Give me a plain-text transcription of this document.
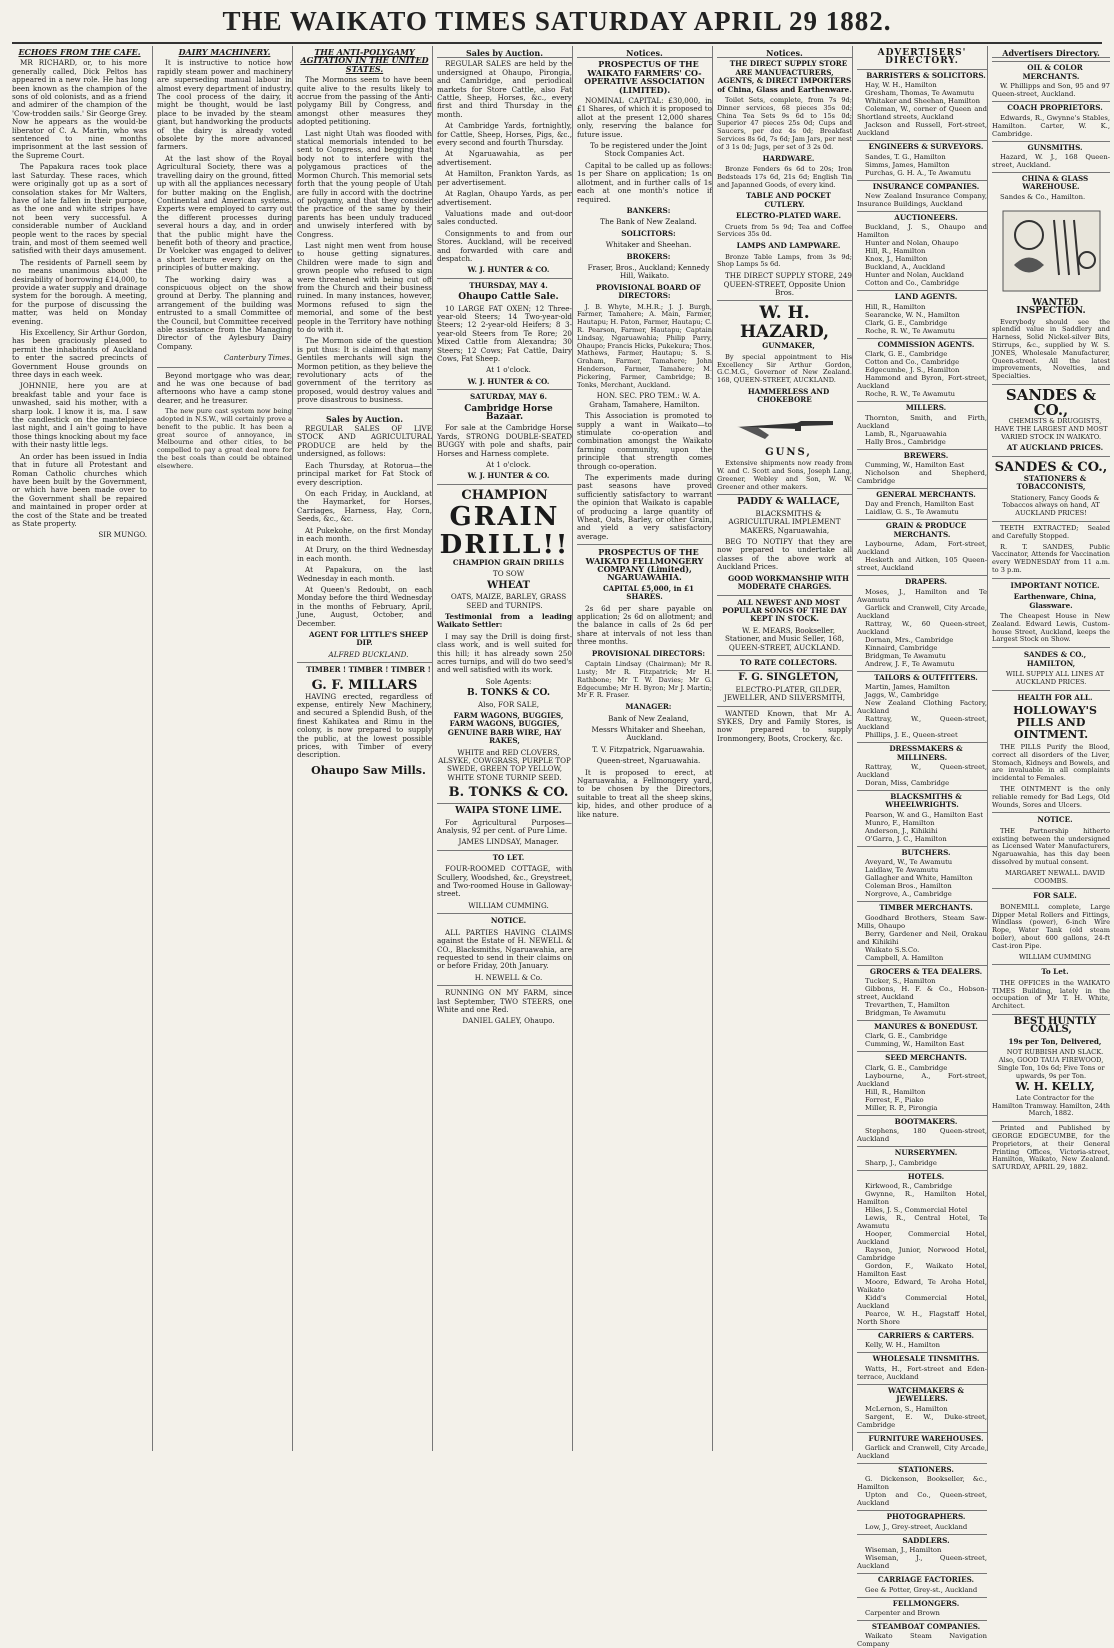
THE WAIKATO TIMES SATURDAY APRIL 29 1882.
ECHOES FROM THE CAFE.

MR RICHARD, or, to his more generally called, Dick Peltos has appeared in a new role. He has long been known as the champion of the sons of old colonists, and as a friend and admirer of the champion of the 'Cow-trodden sails.' Sir George Grey. Now he appears as the would-be liberator of C. A. Martin, who was sentenced to nine months imprisonment at the last session of the Supreme Court.

The Papakura races took place last Saturday. These races, which were originally got up as a sort of consolation stakes for Mr Walters, have of late fallen in their purpose, as the one and white stripes have not been very successful. A considerable number of Auckland people went to the races by special train, and most of them seemed well satisfied with their days amusement.

The residents of Parnell seem by no means unanimous about the desirability of borrowing £14,000, to provide a water supply and drainage system for the borough. A meeting, for the purpose of discussing the matter, was held on Monday evening.

His Excellency, Sir Arthur Gordon, has been graciously pleased to permit the inhabitants of Auckland to enter the sacred precincts of Government House grounds on three days in each week.

JOHNNIE, here you are at breakfast table and your face is unwashed, said his mother, with a sharp look. I know it is, ma. I saw the candlestick on the mantelpiece last night, and I ain't going to have those things knocking about my face with their nasty little legs.

An order has been issued in India that in future all Protestant and Roman Catholic churches which have been built by the Government, or which have been made over to the Government shall be repaired and maintained in proper order at the cost of the State and be treated as State property.

SIR MUNGO.

DAIRY MACHINERY.

It is instructive to notice how rapidly steam power and machinery are superseding manual labour in almost every department of industry. The cool process of the dairy, it might be thought, would be last place to be invaded by the steam giant, but handworking the products of the dairy is already voted obsolete by the more advanced farmers.

At the last show of the Royal Agricultural Society, there was a travelling dairy on the ground, fitted up with all the appliances necessary for butter making on the English, Continental and American systems. Experts were employed to carry out the different processes during several hours a day, and in order that the public might have the benefit both of theory and practice, Dr Voelcker was engaged to deliver a short lecture every day on the principles of butter making.

The working dairy was a conspicuous object on the show ground at Derby. The planning and arrangement of the building was entrusted to a small Committee of the Council, but Committee received able assistance from the Managing Director of the Aylesbury Dairy Company.

Canterbury Times.

Beyond mortgage who was dear, and he was one because of bad afternoons who have a camp stone dearer, and he treasurer.

The new pure cast system now being adopted in N.S.W., will certainly prove a benefit to the public. It has been a great source of annoyance, in Melbourne and other cities, to be compelled to pay a great deal more for the best coals than could be obtained elsewhere.

THE ANTI-POLYGAMY AGITATION IN THE UNITED STATES.

The Mormons seem to have been quite alive to the results likely to accrue from the passing of the Anti-polygamy Bill by Congress, and amongst other measures they adopted petitioning.

Last night Utah was flooded with statical memorials intended to be sent to Congress, and begging that body not to interfere with the polygamous practices of the Mormon Church. This memorial sets forth that the young people of Utah are fully in accord with the doctrine of polygamy, and that they consider the practice of the same by their parents has been unduly traduced and unwisely interfered with by Congress.

Last night men went from house to house getting signatures. Children were made to sign and grown people who refused to sign were threatened with being cut off from the Church and their business ruined. In many instances, however, Mormons refused to sign the memorial, and some of the best people in the Territory have nothing to do with it.

The Mormon side of the question is put thus: It is claimed that many Gentiles merchants will sign the Mormon petition, as they believe the revolutionary acts of the government of the territory as proposed, would destroy values and prove disastrous to business.

Sales by Auction.

REGULAR SALES OF LIVE STOCK AND AGRICULTURAL PRODUCE are held by the undersigned, as follows:

Each Thursday, at Rotorua—the principal market for Fat Stock of every description.

On each Friday, in Auckland, at the Haymarket, for Horses, Carriages, Harness, Hay, Corn, Seeds, &c., &c.

At Pukekohe, on the first Monday in each month.

At Drury, on the third Wednesday in each month.

At Papakura, on the last Wednesday in each month.

At Queen's Redoubt, on each Monday before the third Wednesday in the months of February, April, June, August, October, and December.

AGENT FOR LITTLE'S SHEEP DIP.

ALFRED BUCKLAND.

TIMBER ! TIMBER ! TIMBER !

G. F. MILLARS

HAVING erected, regardless of expense, entirely New Machinery, and secured a Splendid Bush, of the finest Kahikatea and Rimu in the colony, is now prepared to supply the public, at the lowest possible prices, with Timber of every description.

Ohaupo Saw Mills.

Sales by Auction.

REGULAR SALES are held by the undersigned at Ohaupo, Pirongia, and Cambridge, and periodical markets for Store Cattle, also Fat Cattle, Sheep, Horses, &c., every first and third Thursday in the month.

At Cambridge Yards, fortnightly, for Cattle, Sheep, Horses, Pigs, &c., every second and fourth Thursday.

At Ngaruawahia, as per advertisement.

At Hamilton, Frankton Yards, as per advertisement.

At Raglan, Ohaupo Yards, as per advertisement.

Valuations made and out-door sales conducted.

Consignments to and from our Stores. Auckland, will be received and forwarded with care and despatch.

W. J. HUNTER & CO.

THURSDAY, MAY 4.

Ohaupo Cattle Sale.

10 LARGE FAT OXEN; 12 Three-year-old Steers; 14 Two-year-old Steers; 12 2-year-old Heifers; 8 3-year-old Steers from Te Rore; 20 Mixed Cattle from Alexandra; 30 Steers; 12 Cows; Fat Cattle, Dairy Cows, Fat Sheep.

At 1 o'clock.

W. J. HUNTER & CO.

SATURDAY, MAY 6.

Cambridge Horse Bazaar.

For sale at the Cambridge Horse Yards, STRONG DOUBLE-SEATED BUGGY with pole and shafts, pair Horses and Harness complete.

At 1 o'clock.

W. J. HUNTER & CO.

CHAMPION
GRAIN
DRILL!!

CHAMPION GRAIN DRILLS

TO SOW

WHEAT

OATS, MAIZE, BARLEY, GRASS SEED and TURNIPS.

Testimonial from a leading Waikato Settler:

I may say the Drill is doing first-class work, and is well suited for this hill; it has already sown 250 acres turnips, and will do two seed's and well satisfied with its work.

Sole Agents:

B. TONKS & CO.

Also, FOR SALE,

FARM WAGONS, BUGGIES, FARM WAGONS, BUGGIES, GENUINE BARB WIRE, HAY RAKES,

WHITE and RED CLOVERS, ALSYKE, COWGRASS, PURPLE TOP SWEDE, GREEN TOP YELLOW, WHITE STONE TURNIP SEED.

B. TONKS & CO.

WAIPA STONE LIME.

For Agricultural Purposes—Analysis, 92 per cent. of Pure Lime.

JAMES LINDSAY, Manager.

TO LET.

FOUR-ROOMED COTTAGE, with Scullery, Woodshed, &c., Greystreet, and Two-roomed House in Galloway-street.

WILLIAM CUMMING.

NOTICE.

ALL PARTIES HAVING CLAIMS against the Estate of H. NEWELL & CO., Blacksmiths, Ngaruawahia, are requested to send in their claims on or before Friday, 20th January.

H. NEWELL & Co.

RUNNING ON MY FARM, since last September, TWO STEERS, one White and one Red.

DANIEL GALEY, Ohaupo.

Notices.

PROSPECTUS OF THE WAIKATO FARMERS' CO-OPERATIVE ASSOCIATION (LIMITED).

NOMINAL CAPITAL: £30,000, in £1 Shares, of which it is proposed to allot at the present 12,000 shares only, reserving the balance for future issue.

To be registered under the Joint Stock Companies Act.

Capital to be called up as follows: 1s per Share on application; 1s on allotment, and in further calls of 1s each at one month's notice if required.

BANKERS:

The Bank of New Zealand.

SOLICITORS:

Whitaker and Sheehan.

BROKERS:

Fraser, Bros., Auckland; Kennedy Hill, Waikato.

PROVISIONAL BOARD OF DIRECTORS:

J. B. Whyte, M.H.R.; J. J. Burgh, Farmer, Tamahere; A. Main, Farmer, Hautapu; H. Paton, Farmer, Hautapu; C. R. Pearson, Farmer, Hautapu; Captain Lindsay, Ngaruawahia; Philip Parry, Ohaupo; Francis Hicks, Pukekura; Thos. Mathews, Farmer, Hautapu; S. S. Graham, Farmer, Tamahere; John Henderson, Farmer, Tamahere; M. Pickering, Farmer, Cambridge; B. Tonks, Merchant, Auckland.

HON. SEC. PRO TEM.: W. A. Graham, Tamahere, Hamilton.

This Association is promoted to supply a want in Waikato—to stimulate co-operation and combination amongst the Waikato farming community, upon the principle that strength comes through co-operation.

The experiments made during past seasons have proved sufficiently satisfactory to warrant the opinion that Waikato is capable of producing a large quantity of Wheat, Oats, Barley, or other Grain, and yield a very satisfactory average.

PROSPECTUS OF THE WAIKATO FELLMONGERY COMPANY (Limited), NGARUAWAHIA.

CAPITAL £5,000, in £1 SHARES.

2s 6d per share payable on application; 2s 6d on allotment; and the balance in calls of 2s 6d per share at intervals of not less than three months.

PROVISIONAL DIRECTORS:

Captain Lindsay (Chairman); Mr R. Lusty; Mr R. Fitzpatrick; Mr H. Rathbone; Mr T. W. Davies; Mr G. Edgecumbe; Mr H. Byron; Mr J. Martin; Mr F. R. Fraser.

MANAGER:

Bank of New Zealand,

Messrs Whitaker and Sheehan, Auckland.

T. V. Fitzpatrick, Ngaruawahia.

Queen-street, Ngaruawahia.

It is proposed to erect, at Ngaruawahia, a Fellmongery yard, to be chosen by the Directors, suitable to treat all the sheep skins, kip, hides, and other produce of a like nature.

Notices.

THE DIRECT SUPPLY STORE ARE MANUFACTURERS, AGENTS, & DIRECT IMPORTERS of China, Glass and Earthenware.

Toilet Sets, complete, from 7s 9d; Dinner services, 68 pieces 35s 0d; China Tea Sets 9s 6d to 15s 0d; Superior 47 pieces 25s 0d; Cups and Saucers, per doz 4s 0d; Breakfast Services 8s 6d, 7s 6d; Jam Jars, per nest of 3 1s 0d; Jugs, per set of 3 2s 0d.

HARDWARE.

Bronze Fenders 6s 6d to 20s; Iron Bedsteads 17s 6d, 21s 6d; English Tin and Japanned Goods, of every kind.

TABLE AND POCKET CUTLERY.

ELECTRO-PLATED WARE.

Cruets from 5s 9d; Tea and Coffee Services 35s 0d.

LAMPS AND LAMPWARE.

Bronze Table Lamps, from 3s 9d; Shop Lamps 5s 6d.

THE DIRECT SUPPLY STORE, 249 QUEEN-STREET, Opposite Union Bros.

W. H. HAZARD,

GUNMAKER,

By special appointment to His Excellency Sir Arthur Gordon, G.C.M.G., Governor of New Zealand. 168, QUEEN-STREET, AUCKLAND.

HAMMERLESS AND CHOKEBORE

GUNS,

Extensive shipments now ready from W. and C. Scott and Sons, Joseph Lang, Greener, Webley and Son, W. W. Greener and other makers.

PADDY & WALLACE,

BLACKSMITHS & AGRICULTURAL IMPLEMENT MAKERS, Ngaruawahia,

BEG TO NOTIFY that they are now prepared to undertake all classes of the above work at Auckland Prices.

GOOD WORKMANSHIP WITH MODERATE CHARGES.

ALL NEWEST AND MOST POPULAR SONGS OF THE DAY KEPT IN STOCK.

W. E. MEARS, Bookseller, Stationer, and Music Seller, 168, QUEEN-STREET, AUCKLAND.

TO RATE COLLECTORS.

F. G. SINGLETON,

ELECTRO-PLATER, GILDER, JEWELLER, AND SILVERSMITH,

WANTED Known, that Mr A. SYKES, Dry and Family Stores, is now prepared to supply Ironmongery, Boots, Crockery, &c.

ADVERTISERS' DIRECTORY.

BARRISTERS & SOLICITORS.

Hay, W. H., Hamilton

Gresham, Thomas, Te Awamutu

Whitaker and Sheehan, Hamilton

Coleman, W., corner of Queen and Shortland streets, Auckland

Jackson and Russell, Fort-street, Auckland

ENGINEERS & SURVEYORS.

Sandes, T. G., Hamilton

Simms, James, Hamilton

Purchas, G. H. A., Te Awamutu

INSURANCE COMPANIES.

New Zealand Insurance Company, Insurance Buildings, Auckland

AUCTIONEERS.

Buckland, J. S., Ohaupo and Hamilton

Hunter and Nolan, Ohaupo

Hill, R., Hamilton

Knox, J., Hamilton

Buckland, A., Auckland

Hunter and Nolan, Auckland

Cotton and Co., Cambridge

LAND AGENTS.

Hill, R., Hamilton

Searancke, W. N., Hamilton

Clark, G. E., Cambridge

Roche, R. W., Te Awamutu

COMMISSION AGENTS.

Clark, G. E., Cambridge

Cotton and Co., Cambridge

Edgecumbe, J. S., Hamilton

Hammond and Byron, Fort-street, Auckland

Roche, R. W., Te Awamutu

MILLERS.

Thornton, Smith, and Firth, Auckland

Lamb, R., Ngaruawahia

Hally Bros., Cambridge

BREWERS.

Cumming, W., Hamilton East

Nicholson and Shepherd, Cambridge

GENERAL MERCHANTS.

Day and French, Hamilton East

Laidlaw, G. S., Te Awamutu

GRAIN & PRODUCE MERCHANTS.

Laybourne, Adam, Fort-street, Auckland

Hesketh and Aitken, 105 Queen-street, Auckland

DRAPERS.

Moses, J., Hamilton and Te Awamutu

Garlick and Cranwell, City Arcade, Auckland

Rattray, W., 60 Queen-street, Auckland

Dornan, Mrs., Cambridge

Kinnaird, Cambridge

Bridgman, Te Awamutu

Andrew, J. F., Te Awamutu

TAILORS & OUTFITTERS.

Martin, James, Hamilton

Jaggs, W., Cambridge

New Zealand Clothing Factory, Auckland

Rattray, W., Queen-street, Auckland

Phillips, J. E., Queen-street

DRESSMAKERS & MILLINERS.

Rattray, W., Queen-street, Auckland

Doran, Miss, Cambridge

BLACKSMITHS & WHEELWRIGHTS.

Pearson, W. and G., Hamilton East

Munro, F., Hamilton

Anderson, J., Kihikihi

O'Garra, J. C., Hamilton

BUTCHERS.

Aveyard, W., Te Awamutu

Laidlaw, Te Awamutu

Gallagher and White, Hamilton

Coleman Bros., Hamilton

Norgrove, A., Cambridge

TIMBER MERCHANTS.

Goodhard Brothers, Steam Saw-Mills, Ohaupo

Berry, Gardener and Neil, Orakau and Kihikihi

Waikato S.S.Co.

Campbell, A. Hamilton

GROCERS & TEA DEALERS.

Tucker, S., Hamilton

Gibbons, H. F. & Co., Hobson-street, Auckland

Trevarthen, T., Hamilton

Bridgman, Te Awamutu

MANURES & BONEDUST.

Clark, G. E., Cambridge

Cumming, W., Hamilton East

SEED MERCHANTS.

Clark, G. E., Cambridge

Laybourne, A., Fort-street, Auckland

Hill, R., Hamilton

Forrest, F., Piako

Miller, R. P., Pirongia

BOOTMAKERS.

Stephens, 180 Queen-street, Auckland

NURSERYMEN.

Sharp, J., Cambridge

HOTELS.

Kirkwood, R., Cambridge

Gwynne, R., Hamilton Hotel, Hamilton

Hiles, J. S., Commercial Hotel

Lewis, R., Central Hotel, Te Awamutu

Hooper, Commercial Hotel, Auckland

Rayson, Junior, Norwood Hotel, Cambridge

Gordon, F., Waikato Hotel, Hamilton East

Moore, Edward, Te Aroha Hotel, Waikato

Kidd's Commercial Hotel, Auckland

Pearce, W. H., Flagstaff Hotel, North Shore

CARRIERS & CARTERS.

Kelly, W. H., Hamilton

WHOLESALE TINSMITHS.

Watts, H., Fort-street and Eden-terrace, Auckland

WATCHMAKERS & JEWELLERS.

McLernon, S., Hamilton

Sargent, E. W., Duke-street, Cambridge

FURNITURE WAREHOUSES.

Garlick and Cranwell, City Arcade, Auckland

STATIONERS.

G. Dickenson, Bookseller, &c., Hamilton

Upton and Co., Queen-street, Auckland

PHOTOGRAPHERS.

Low, J., Grey-street, Auckland

SADDLERS.

Wiseman, J., Hamilton

Wiseman, J., Queen-street, Auckland

CARRIAGE FACTORIES.

Gee & Potter, Grey-st., Auckland

FELLMONGERS.

Carpenter and Brown

STEAMBOAT COMPANIES.

Waikato Steam Navigation Company

Advertisers Directory.

OIL & COLOR MERCHANTS.

W. Phillipps and Son, 95 and 97 Queen-street, Auckland.

COACH PROPRIETORS.

Edwards, R., Gwynne's Stables, Hamilton. Carter, W. K., Cambridge.

GUNSMITHS.

Hazard, W. J., 168 Queen-street, Auckland.

CHINA & GLASS WAREHOUSE.

Sandes & Co., Hamilton.

WANTED INSPECTION.

Everybody should see the splendid value in Saddlery and Harness, Solid Nickel-silver Bits, Stirrups, &c., supplied by W. S. JONES, Wholesale Manufacturer, Queen-street. All the latest improvements, Novelties, and Specialties.

SANDES & CO.,

CHEMISTS & DRUGGISTS, HAVE THE LARGEST AND MOST VARIED STOCK IN WAIKATO.

AT AUCKLAND PRICES.

SANDES & CO.,

STATIONERS & TOBACCONISTS,

Stationery, Fancy Goods & Tobaccos always on hand, AT AUCKLAND PRICES!

TEETH EXTRACTED; Sealed and Carefully Stopped.

R. T. SANDES, Public Vaccinator, Attends for Vaccination every WEDNESDAY from 11 a.m. to 3 p.m.

IMPORTANT NOTICE.

Earthenware, China, Glassware.

The Cheapest House in New Zealand. Edward Lewis, Custom-house Street, Auckland, keeps the Largest Stock on Show.

SANDES & CO., HAMILTON,

WILL SUPPLY ALL LINES AT AUCKLAND PRICES.

HEALTH FOR ALL.

HOLLOWAY'S PILLS AND OINTMENT.

THE PILLS Purify the Blood, correct all disorders of the Liver, Stomach, Kidneys and Bowels, and are invaluable in all complaints incidental to Females.

THE OINTMENT is the only reliable remedy for Bad Legs, Old Wounds, Sores and Ulcers.

NOTICE.

THE Partnership hitherto existing between the undersigned as Licensed Water Manufacturers, Ngaruawahia, has this day been dissolved by mutual consent.

MARGARET NEWALL. DAVID COOMBS.

FOR SALE.

BONEMILL complete, Large Dipper Metal Rollers and Fittings, Windlass (power), 6-inch Wire Rope, Water Tank (old steam boiler), about 600 gallons, 24-ft Cast-iron Pipe.

WILLIAM CUMMING

To Let.

THE OFFICES in the WAIKATO TIMES Building, lately in the occupation of Mr T. H. White, Architect.

BEST HUNTLY COALS,

19s per Ton, Delivered,

NOT RUBBISH AND SLACK. Also, GOOD TAUA FIREWOOD, Single Ton, 10s 6d; Five Tons or upwards, 9s per Ton.

W. H. KELLY,

Late Contractor for the Hamilton Tramway. Hamilton, 24th March, 1882.

Printed and Published by GEORGE EDGECUMBE, for the Proprietors, at their General Printing Offices, Victoria-street, Hamilton, Waikato, New Zealand. SATURDAY, APRIL 29, 1882.
